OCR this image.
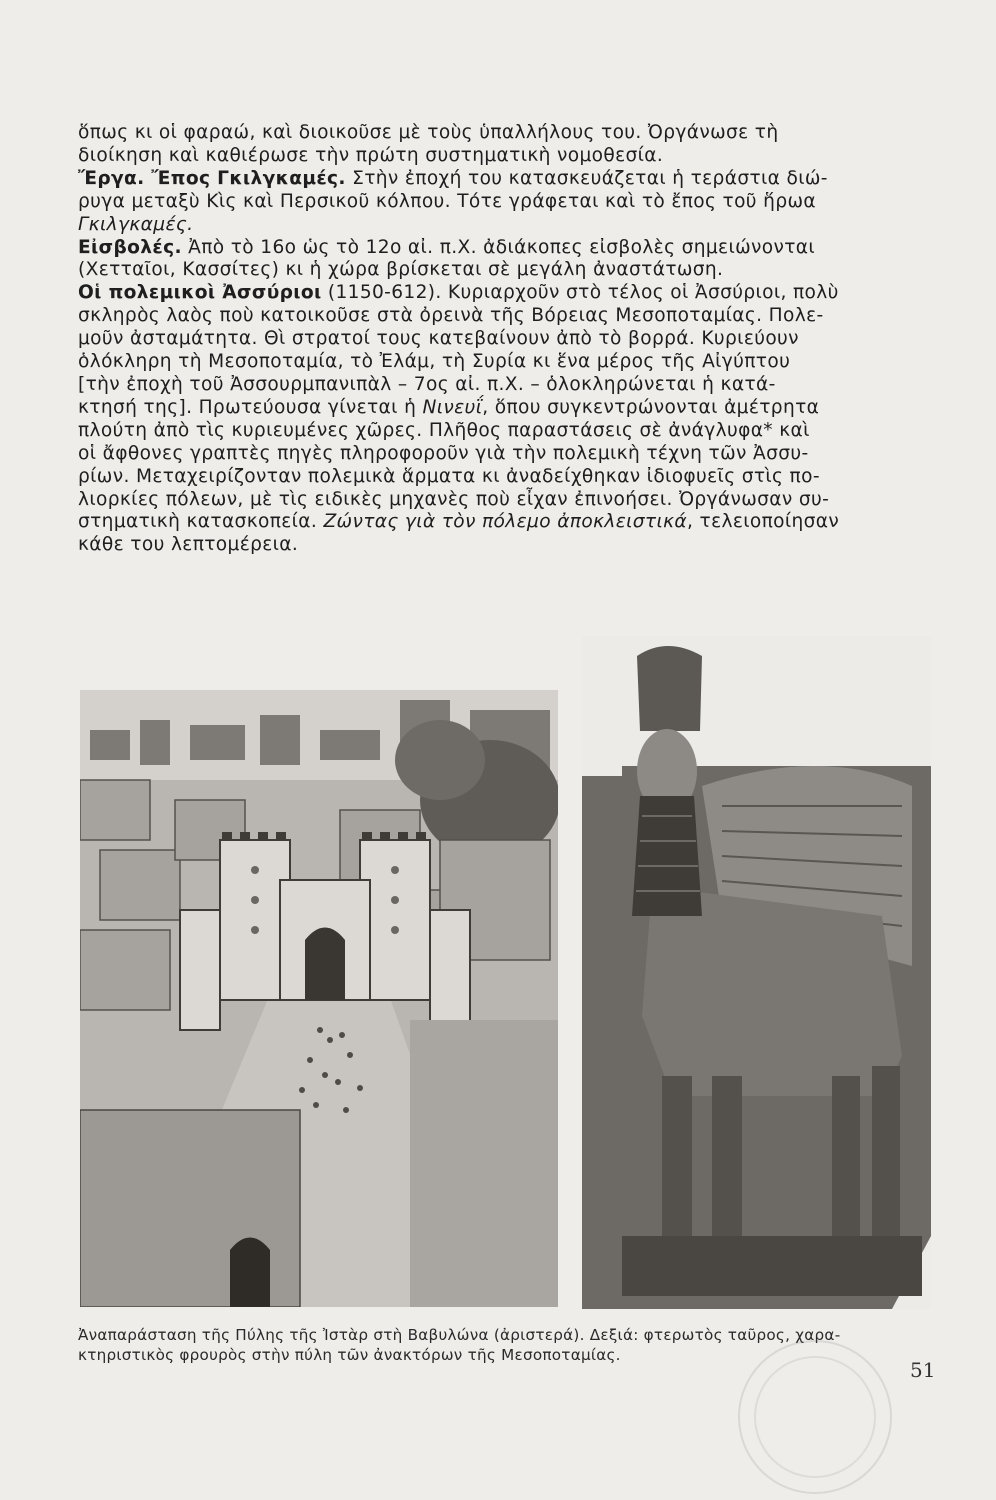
ὅπως κι οἱ φαραώ, καὶ διοικοῦσε μὲ τοὺς ὑπαλλήλους του. Ὀργάνωσε τὴ

διοίκηση καὶ καθιέρωσε τὴν πρώτη συστηματικὴ νομοθεσία.

Ἔργα. Ἔπος Γκιλγκαμές. Στὴν ἐποχή του κατασκευάζεται ἡ τεράστια διώ-

ρυγα μεταξὺ Κὶς καὶ Περσικοῦ κόλπου. Τότε γράφεται καὶ τὸ ἔπος τοῦ ἥρωα

Γκιλγκαμές.

Εἰσβολές. Ἀπὸ τὸ 16ο ὡς τὸ 12ο αἰ. π.Χ. ἀδιάκοπες εἰσβολὲς σημειώνονται

(Χετταῖοι, Κασσίτες) κι ἡ χώρα βρίσκεται σὲ μεγάλη ἀναστάτωση.

Οἱ πολεμικοὶ Ἀσσύριοι (1150-612). Κυριαρχοῦν στὸ τέλος οἱ Ἀσσύριοι, πολὺ

σκληρὸς λαὸς ποὺ κατοικοῦσε στὰ ὀρεινὰ τῆς Βόρειας Μεσοποταμίας. Πολε-

μοῦν ἀσταμάτητα. Θὶ στρατοί τους κατεβαίνουν ἀπὸ τὸ βορρά. Κυριεύουν

ὁλόκληρη τὴ Μεσοποταμία, τὸ Ἐλάμ, τὴ Συρία κι ἕνα μέρος τῆς Αἰγύπτου

[τὴν ἐποχὴ τοῦ Ἀσσουρμπανιπὰλ – 7ος αἰ. π.Χ. – ὁλοκληρώνεται ἡ κατά-

κτησή της]. Πρωτεύουσα γίνεται ἡ Νινευΐ, ὅπου συγκεντρώνονται ἀμέτρητα

πλούτη ἀπὸ τὶς κυριευμένες χῶρες. Πλῆθος παραστάσεις σὲ ἀνάγλυφα* καὶ

οἱ ἄφθονες γραπτὲς πηγὲς πληροφοροῦν γιὰ τὴν πολεμικὴ τέχνη τῶν Ἀσσυ-

ρίων. Μεταχειρίζονταν πολεμικὰ ἅρματα κι ἀναδείχθηκαν ἰδιοφυεῖς στὶς πο-

λιορκίες πόλεων, μὲ τὶς ειδικὲς μηχανὲς ποὺ εἶχαν ἐπινοήσει. Ὀργάνωσαν συ-

στηματικὴ κατασκοπεία. Ζώντας γιὰ τὸν πόλεμο ἀποκλειστικά, τελειοποίησαν

κάθε του λεπτομέρεια.

Ἀναπαράσταση τῆς Πύλης τῆς Ἰστὰρ στὴ Βαβυλώνα (ἀριστερά). Δεξιά: φτερωτὸς ταῦρος, χαρα-
κτηριστικὸς φρουρὸς στὴν πύλη τῶν ἀνακτόρων τῆς Μεσοποταμίας.
51
